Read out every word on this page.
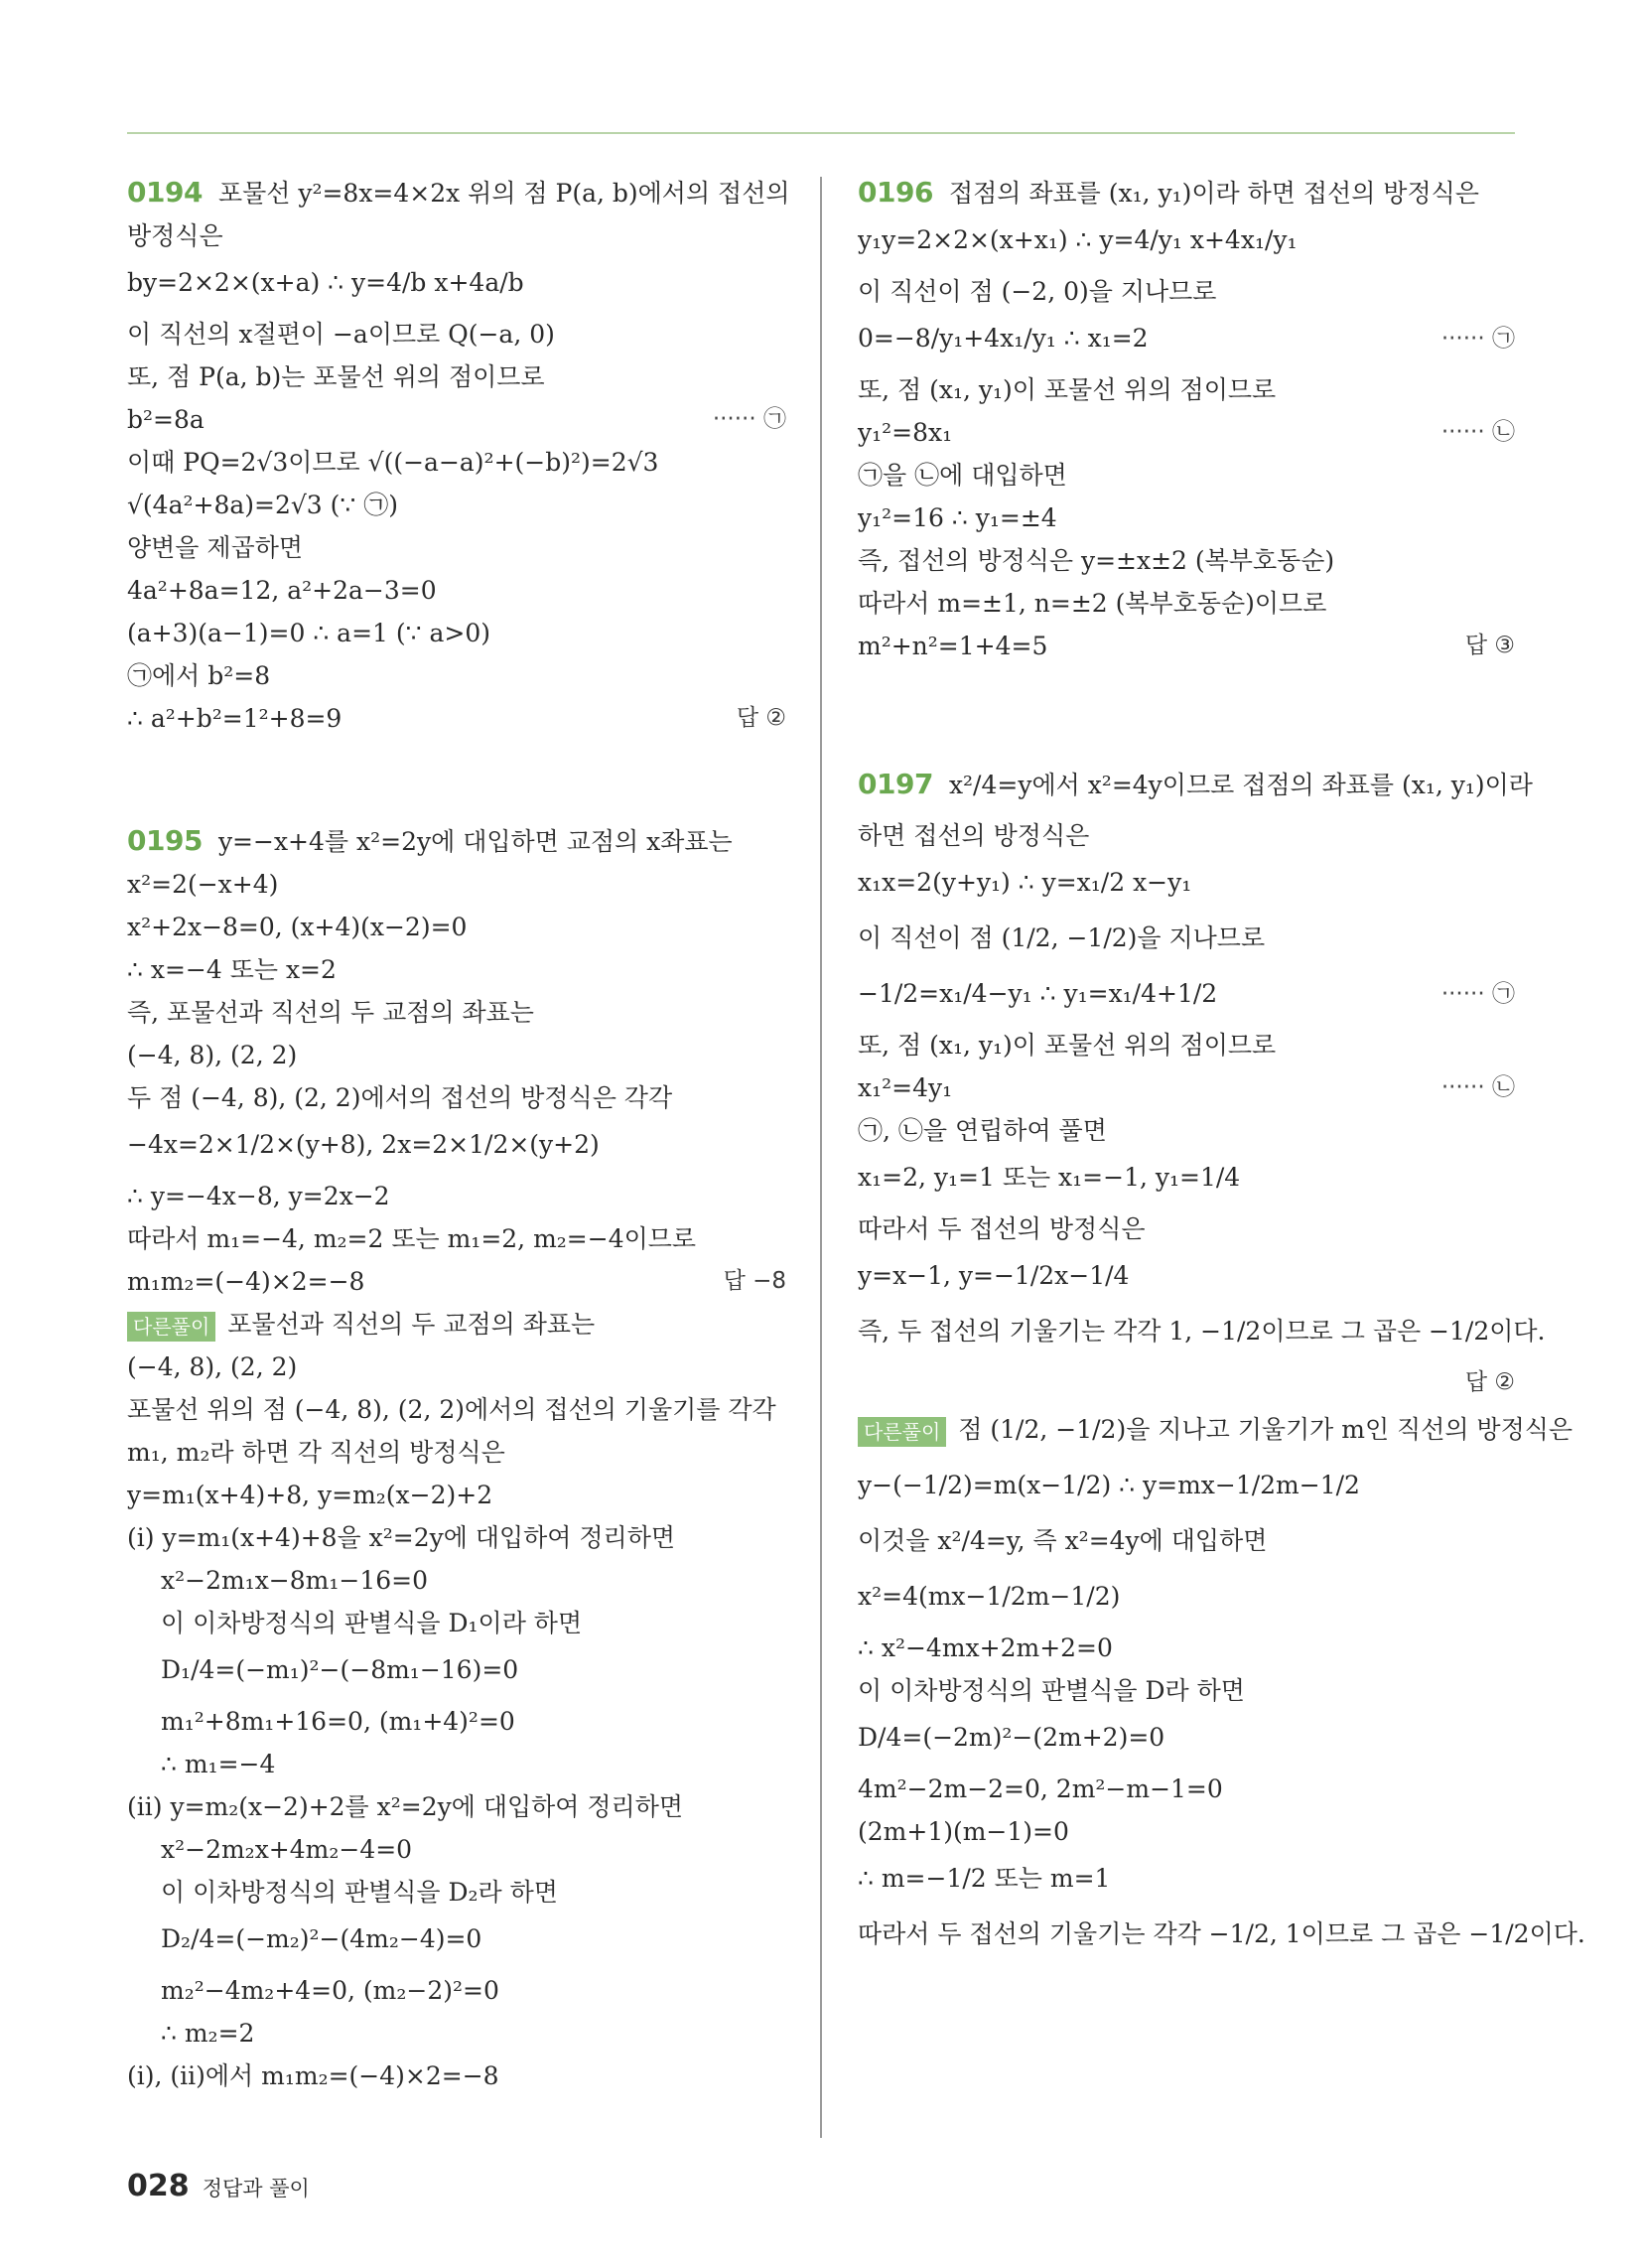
0194 포물선 y²=8x=4×2x 위의 점 P(a, b)에서의 접선의
방정식은
by=2×2×(x+a) ∴ y=4/b x+4a/b
이 직선의 x절편이 −a이므로 Q(−a, 0)
또, 점 P(a, b)는 포물선 위의 점이므로
b²=8a	······ ㉠
이때 PQ=2√3이므로 √((−a−a)²+(−b)²)=2√3
√(4a²+8a)=2√3 (∵ ㉠)
양변을 제곱하면
4a²+8a=12, a²+2a−3=0
(a+3)(a−1)=0 ∴ a=1 (∵ a>0)
㉠에서 b²=8
∴ a²+b²=1²+8=9	답 ②
0195 y=−x+4를 x²=2y에 대입하면 교점의 x좌표는
x²=2(−x+4)
x²+2x−8=0, (x+4)(x−2)=0
∴ x=−4 또는 x=2
즉, 포물선과 직선의 두 교점의 좌표는
(−4, 8), (2, 2)
두 점 (−4, 8), (2, 2)에서의 접선의 방정식은 각각
−4x=2×1/2×(y+8), 2x=2×1/2×(y+2)
∴ y=−4x−8, y=2x−2
따라서 m₁=−4, m₂=2 또는 m₁=2, m₂=−4이므로
m₁m₂=(−4)×2=−8	답 −8
다른풀이 포물선과 직선의 두 교점의 좌표는
(−4, 8), (2, 2)
포물선 위의 점 (−4, 8), (2, 2)에서의 접선의 기울기를 각각
m₁, m₂라 하면 각 직선의 방정식은
y=m₁(x+4)+8, y=m₂(x−2)+2
(ⅰ) y=m₁(x+4)+8을 x²=2y에 대입하여 정리하면
x²−2m₁x−8m₁−16=0
이 이차방정식의 판별식을 D₁이라 하면
D₁/4=(−m₁)²−(−8m₁−16)=0
m₁²+8m₁+16=0, (m₁+4)²=0
∴ m₁=−4
(ⅱ) y=m₂(x−2)+2를 x²=2y에 대입하여 정리하면
x²−2m₂x+4m₂−4=0
이 이차방정식의 판별식을 D₂라 하면
D₂/4=(−m₂)²−(4m₂−4)=0
m₂²−4m₂+4=0, (m₂−2)²=0
∴ m₂=2
(ⅰ), (ⅱ)에서 m₁m₂=(−4)×2=−8
0196 접점의 좌표를 (x₁, y₁)이라 하면 접선의 방정식은
y₁y=2×2×(x+x₁) ∴ y=4/y₁ x+4x₁/y₁
이 직선이 점 (−2, 0)을 지나므로
0=−8/y₁+4x₁/y₁ ∴ x₁=2	······ ㉠
또, 점 (x₁, y₁)이 포물선 위의 점이므로
y₁²=8x₁	······ ㉡
㉠을 ㉡에 대입하면
y₁²=16 ∴ y₁=±4
즉, 접선의 방정식은 y=±x±2 (복부호동순)
따라서 m=±1, n=±2 (복부호동순)이므로
m²+n²=1+4=5	답 ③
0197 x²/4=y에서 x²=4y이므로 접점의 좌표를 (x₁, y₁)이라
하면 접선의 방정식은
x₁x=2(y+y₁) ∴ y=x₁/2 x−y₁
이 직선이 점 (1/2, −1/2)을 지나므로
−1/2=x₁/4−y₁ ∴ y₁=x₁/4+1/2	······ ㉠
또, 점 (x₁, y₁)이 포물선 위의 점이므로
x₁²=4y₁	······ ㉡
㉠, ㉡을 연립하여 풀면
x₁=2, y₁=1 또는 x₁=−1, y₁=1/4
따라서 두 접선의 방정식은
y=x−1, y=−1/2x−1/4
즉, 두 접선의 기울기는 각각 1, −1/2이므로 그 곱은 −1/2이다.
답 ②
다른풀이 점 (1/2, −1/2)을 지나고 기울기가 m인 직선의 방정식은
y−(−1/2)=m(x−1/2) ∴ y=mx−1/2m−1/2
이것을 x²/4=y, 즉 x²=4y에 대입하면
x²=4(mx−1/2m−1/2)
∴ x²−4mx+2m+2=0
이 이차방정식의 판별식을 D라 하면
D/4=(−2m)²−(2m+2)=0
4m²−2m−2=0, 2m²−m−1=0
(2m+1)(m−1)=0
∴ m=−1/2 또는 m=1
따라서 두 접선의 기울기는 각각 −1/2, 1이므로 그 곱은 −1/2이다.
028 정답과 풀이
